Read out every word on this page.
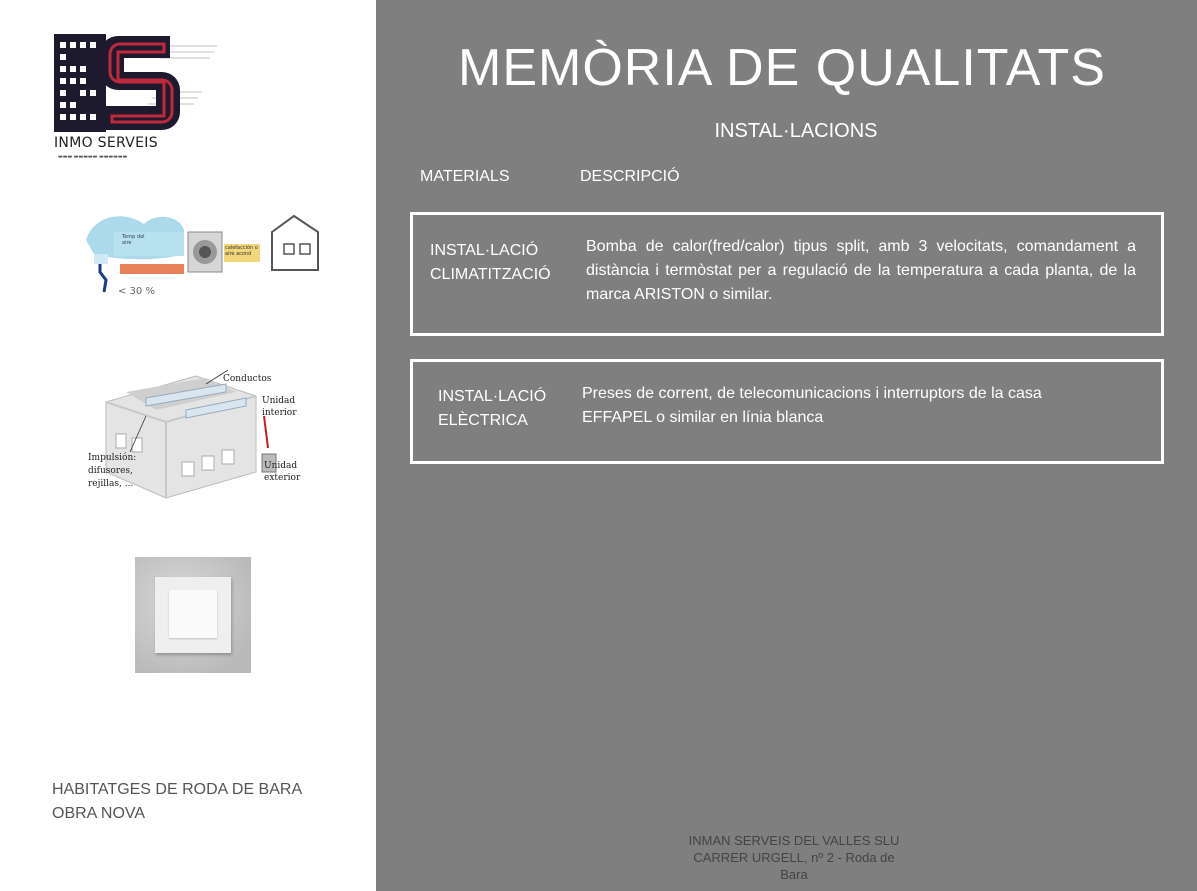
INMO SERVEIS
▬▬▬ ▬▬▬▬▬ ▬▬▬▬▬▬
Temp del aire
calefacción o aire acond
< 30 %
Conductos
Unidad interior
Unidad exterior
Impulsión: difusores, rejillas, ...
HABITATGES DE RODA DE BARA
OBRA NOVA
MEMÒRIA DE QUALITATS
INSTAL·LACIONS
MATERIALS	DESCRIPCIÓ
INSTAL·LACIÓ
CLIMATITZACIÓ
Bomba de calor(fred/calor) tipus split, amb 3 velocitats, comandament a distància i termòstat per a regulació de la temperatura a cada planta, de la marca ARISTON o similar.
INSTAL·LACIÓ
ELÈCTRICA
Preses de corrent, de telecomunicacions i interruptors de la casa EFFAPEL o similar en línia blanca
INMAN SERVEIS DEL VALLES SLU
CARRER URGELL, nº 2 - Roda de
Bara
